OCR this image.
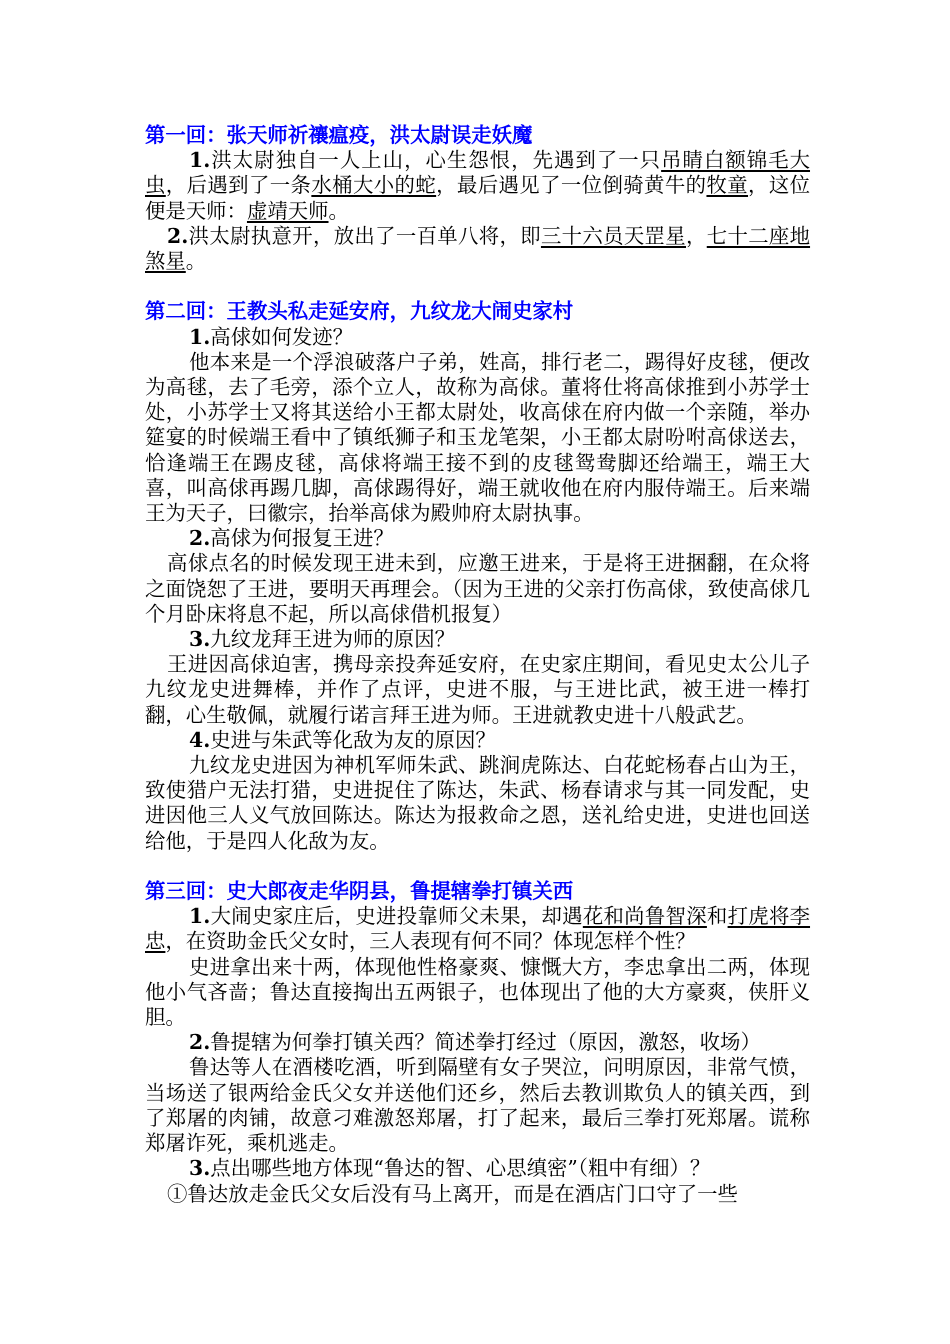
第一回：张天师祈禳瘟疫，洪太尉误走妖魔

1.洪太尉独自一人上山，心生怨恨，先遇到了一只吊睛白额锦毛大虫，后遇到了一条水桶大小的蛇，最后遇见了一位倒骑黄牛的牧童，这位便是天师：虚靖天师。

2.洪太尉执意开，放出了一百单八将，即三十六员天罡星，七十二座地煞星。

第二回：王教头私走延安府，九纹龙大闹史家村

1.高俅如何发迹？

他本来是一个浮浪破落户子弟，姓高，排行老二，踢得好皮毬，便改为高毬，去了毛旁，添个立人，故称为高俅。董将仕将高俅推到小苏学士处，小苏学士又将其送给小王都太尉处，收高俅在府内做一个亲随，举办筵宴的时候端王看中了镇纸狮子和玉龙笔架，小王都太尉吩咐高俅送去，恰逢端王在踢皮毬，高俅将端王接不到的皮毬鸳鸯脚还给端王，端王大喜，叫高俅再踢几脚，高俅踢得好，端王就收他在府内服侍端王。后来端王为天子，曰徽宗，抬举高俅为殿帅府太尉执事。

2.高俅为何报复王进？

高俅点名的时候发现王进未到，应邀王进来，于是将王进捆翻，在众将之面饶恕了王进，要明天再理会。（因为王进的父亲打伤高俅，致使高俅几个月卧床将息不起，所以高俅借机报复）

3.九纹龙拜王进为师的原因？

王进因高俅迫害，携母亲投奔延安府，在史家庄期间，看见史太公儿子九纹龙史进舞棒，并作了点评，史进不服，与王进比武，被王进一棒打翻，心生敬佩，就履行诺言拜王进为师。王进就教史进十八般武艺。

4.史进与朱武等化敌为友的原因？

九纹龙史进因为神机军师朱武、跳涧虎陈达、白花蛇杨春占山为王，致使猎户无法打猎，史进捉住了陈达，朱武、杨春请求与其一同发配，史进因他三人义气放回陈达。陈达为报救命之恩，送礼给史进，史进也回送给他，于是四人化敌为友。

第三回：史大郎夜走华阴县，鲁提辖拳打镇关西

1.大闹史家庄后，史进投靠师父未果，却遇花和尚鲁智深和打虎将李忠，在资助金氏父女时，三人表现有何不同？体现怎样个性？

史进拿出来十两，体现他性格豪爽、慷慨大方，李忠拿出二两，体现他小气吝啬；鲁达直接掏出五两银子，也体现出了他的大方豪爽，侠肝义胆。

2.鲁提辖为何拳打镇关西？简述拳打经过（原因，激怒，收场）

鲁达等人在酒楼吃酒，听到隔壁有女子哭泣，问明原因，非常气愤，当场送了银两给金氏父女并送他们还乡，然后去教训欺负人的镇关西，到了郑屠的肉铺，故意刁难激怒郑屠，打了起来，最后三拳打死郑屠。谎称郑屠诈死，乘机逃走。

3.点出哪些地方体现“鲁达的智、心思缜密”（粗中有细）？

①鲁达放走金氏父女后没有马上离开，而是在酒店门口守了一些
